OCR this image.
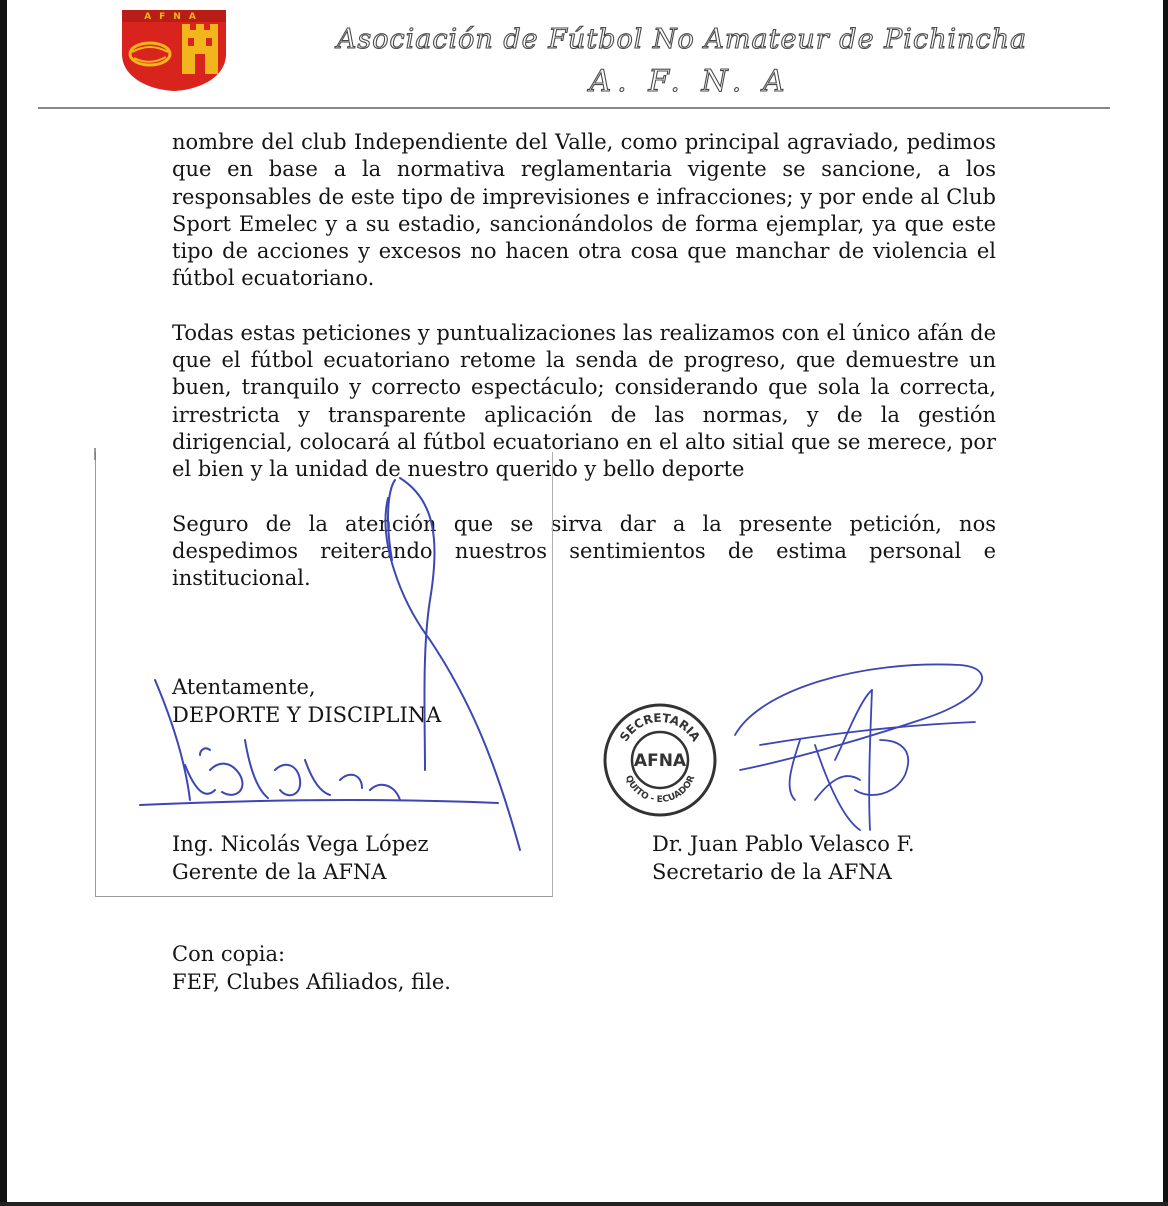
AFNA
Asociación de Fútbol No Amateur de Pichincha
A. F. N. A

nombre del club Independiente del Valle, como principal agraviado, pedimos que en base a la normativa reglamentaria vigente se sancione, a los responsables de este tipo de imprevisiones e infracciones; y por ende al Club Sport Emelec y a su estadio, sancionándolos de forma ejemplar, ya que este tipo de acciones y excesos no hacen otra cosa que manchar de violencia el fútbol ecuatoriano.

Todas estas peticiones y puntualizaciones las realizamos con el único afán de que el fútbol ecuatoriano retome la senda de progreso, que demuestre un buen, tranquilo y correcto espectáculo; considerando que sola la correcta, irrestricta y transparente aplicación de las normas, y de la gestión dirigencial, colocará al fútbol ecuatoriano en el alto sitial que se merece, por el bien y la unidad de nuestro querido y bello deporte

Seguro de la atención que se sirva dar a la presente petición, nos despedimos reiterando nuestros sentimientos de estima personal e institucional.

Atentamente,
DEPORTE Y DISCIPLINA
Ing. Nicolás Vega López
Gerente de la AFNA
Dr. Juan Pablo Velasco F.
Secretario de la AFNA
Con copia:
FEF, Clubes Afiliados, file.
SECRETARIA
AFNA
QUITO - ECUADOR
